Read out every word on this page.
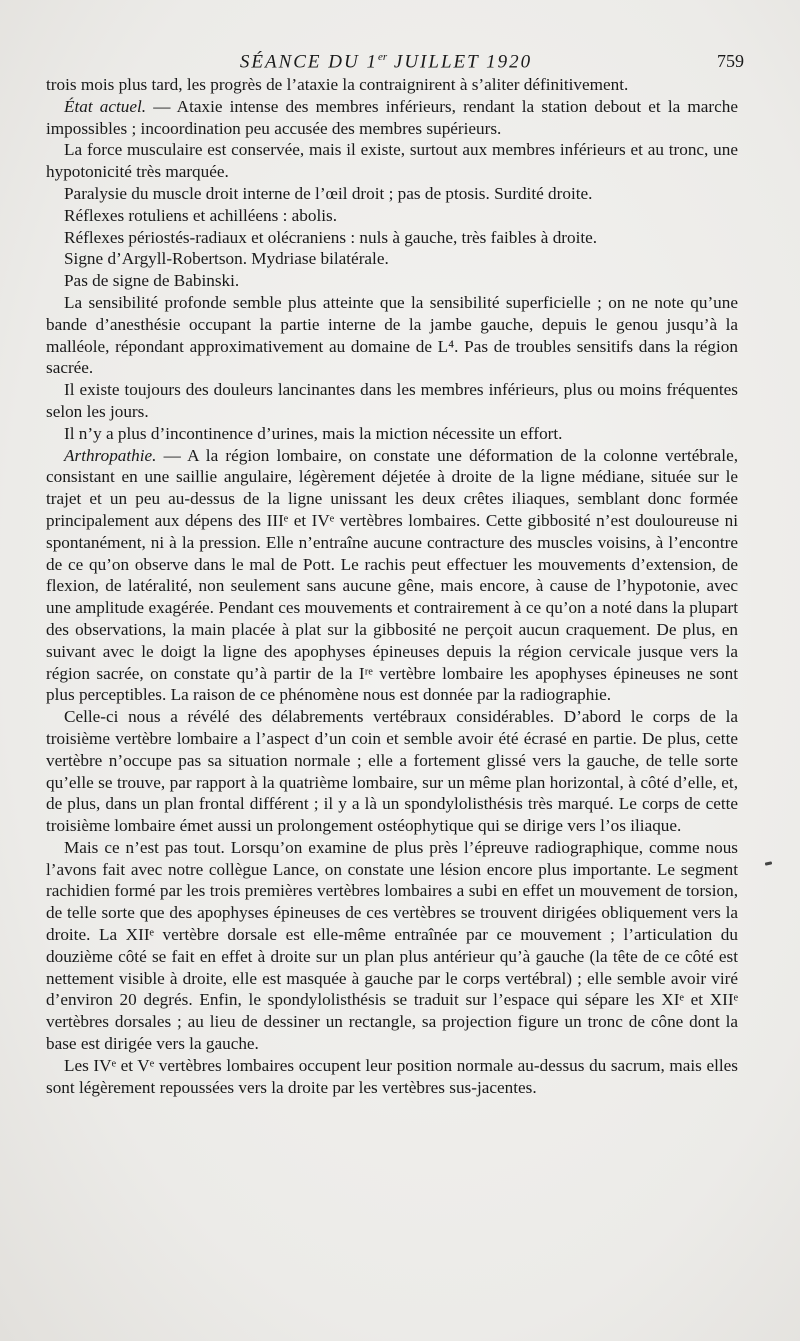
SÉANCE DU 1er JUILLET 1920	759

trois mois plus tard, les progrès de l’ataxie la contraignirent à s’aliter définitivement.

État actuel. — Ataxie intense des membres inférieurs, rendant la station debout et la marche impossibles ; incoordination peu accusée des membres supérieurs.

La force musculaire est conservée, mais il existe, surtout aux membres inférieurs et au tronc, une hypotonicité très marquée.

Paralysie du muscle droit interne de l’œil droit ; pas de ptosis. Surdité droite.

Réflexes rotuliens et achilléens : abolis.

Réflexes périostés-radiaux et olécraniens : nuls à gauche, très faibles à droite.

Signe d’Argyll-Robertson. Mydriase bilatérale.

Pas de signe de Babinski.

La sensibilité profonde semble plus atteinte que la sensibilité superficielle ; on ne note qu’une bande d’anesthésie occupant la partie interne de la jambe gauche, depuis le genou jusqu’à la malléole, répondant approximativement au domaine de L⁴. Pas de troubles sensitifs dans la région sacrée.

Il existe toujours des douleurs lancinantes dans les membres inférieurs, plus ou moins fréquentes selon les jours.

Il n’y a plus d’incontinence d’urines, mais la miction nécessite un effort.

Arthropathie. — A la région lombaire, on constate une déformation de la colonne vertébrale, consistant en une saillie angulaire, légèrement déjetée à droite de la ligne médiane, située sur le trajet et un peu au-dessus de la ligne unissant les deux crêtes iliaques, semblant donc formée principalement aux dépens des IIIᵉ et IVᵉ vertèbres lombaires. Cette gibbosité n’est douloureuse ni spontanément, ni à la pression. Elle n’entraîne aucune contracture des muscles voisins, à l’encontre de ce qu’on observe dans le mal de Pott. Le rachis peut effectuer les mouvements d’extension, de flexion, de latéralité, non seulement sans aucune gêne, mais encore, à cause de l’hypotonie, avec une amplitude exagérée. Pendant ces mouvements et contrairement à ce qu’on a noté dans la plupart des observations, la main placée à plat sur la gibbosité ne perçoit aucun craquement. De plus, en suivant avec le doigt la ligne des apophyses épineuses depuis la région cervicale jusque vers la région sacrée, on constate qu’à partir de la Iʳᵉ vertèbre lombaire les apophyses épineuses ne sont plus perceptibles. La raison de ce phénomène nous est donnée par la radiographie.

Celle-ci nous a révélé des délabrements vertébraux considérables. D’abord le corps de la troisième vertèbre lombaire a l’aspect d’un coin et semble avoir été écrasé en partie. De plus, cette vertèbre n’occupe pas sa situation normale ; elle a fortement glissé vers la gauche, de telle sorte qu’elle se trouve, par rapport à la quatrième lombaire, sur un même plan horizontal, à côté d’elle, et, de plus, dans un plan frontal différent ; il y a là un spondylolisthésis très marqué. Le corps de cette troisième lombaire émet aussi un prolongement ostéophytique qui se dirige vers l’os iliaque.

Mais ce n’est pas tout. Lorsqu’on examine de plus près l’épreuve radiographique, comme nous l’avons fait avec notre collègue Lance, on constate une lésion encore plus importante. Le segment rachidien formé par les trois premières vertèbres lombaires a subi en effet un mouvement de torsion, de telle sorte que des apophyses épineuses de ces vertèbres se trouvent dirigées obliquement vers la droite. La XIIᵉ vertèbre dorsale est elle-même entraînée par ce mouvement ; l’articulation du douzième côté se fait en effet à droite sur un plan plus antérieur qu’à gauche (la tête de ce côté est nettement visible à droite, elle est masquée à gauche par le corps vertébral) ; elle semble avoir viré d’environ 20 degrés. Enfin, le spondylolisthésis se traduit sur l’espace qui sépare les XIᵉ et XIIᵉ vertèbres dorsales ; au lieu de dessiner un rectangle, sa projection figure un tronc de cône dont la base est dirigée vers la gauche.

Les IVᵉ et Vᵉ vertèbres lombaires occupent leur position normale au-dessus du sacrum, mais elles sont légèrement repoussées vers la droite par les vertèbres sus-jacentes.
